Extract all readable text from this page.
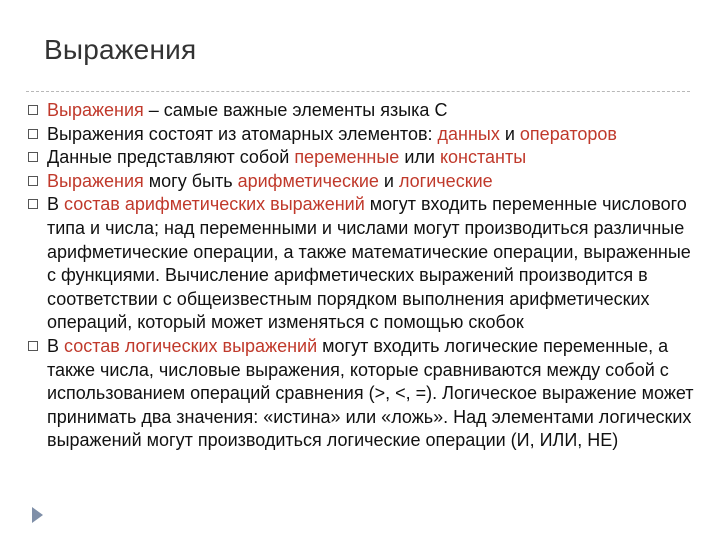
Выражения
Выражения – самые важные элементы языка С
Выражения состоят из атомарных элементов: данных и операторов
Данные представляют собой переменные или константы
Выражения могу быть арифметические и логические
В состав арифметических выражений могут входить переменные числового типа и числа; над переменными и числами могут производиться различные арифметические операции, а также математические операции, выраженные с функциями. Вычисление арифметических выражений производится в соответствии с общеизвестным порядком выполнения арифметических операций, который может изменяться с помощью скобок
В состав логических выражений могут входить логические переменные, а также числа, числовые выражения, которые сравниваются между собой с использованием операций сравнения (>, <, =). Логическое выражение может принимать два значения: «истина» или «ложь». Над элементами логических выражений могут производиться логические операции (И, ИЛИ, НЕ)
